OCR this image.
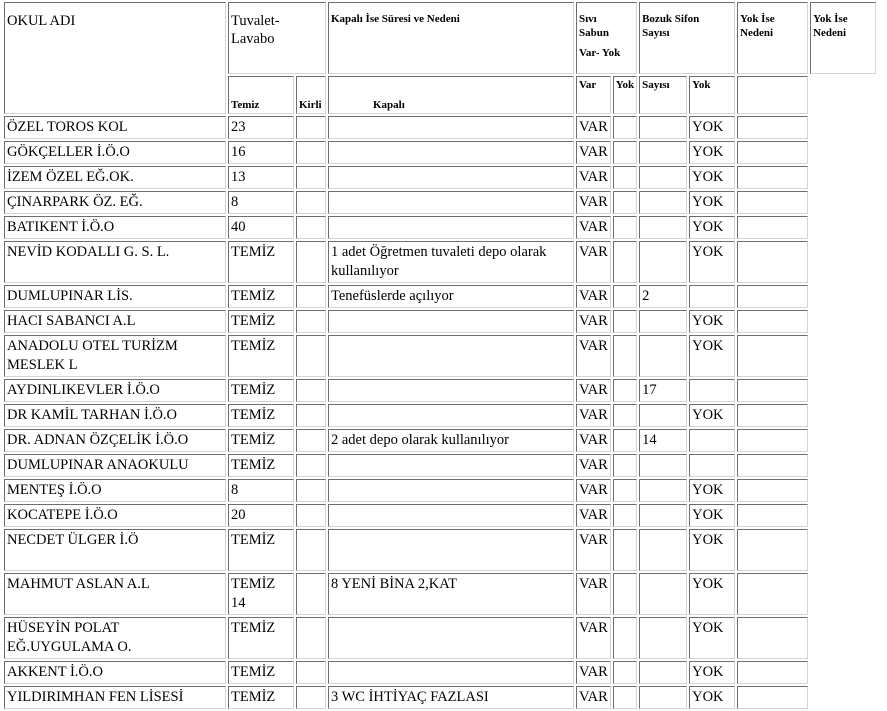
OKUL ADI	Tuvalet-Lavabo		Kapalı İse Süresi ve Nedeni	Sıvı Sabun
Var- Yok		Bozuk Sifon Sayısı		Yok İse Nedeni	Yok İse Nedeni

	Temiz	Kirli	Kapalı	Var	Yok	Sayısı	Yok		
ÖZEL TOROS KOL	23			VAR			YOK		
GÖKÇELLER İ.Ö.O	16			VAR			YOK		
İZEM ÖZEL EĞ.OK.	13			VAR			YOK		
ÇINARPARK ÖZ. EĞ.	8			VAR			YOK		
BATIKENT İ.Ö.O	40			VAR			YOK		
NEVİD KODALLI G. S. L.	TEMİZ		1 adet Öğretmen tuvaleti depo olarak kullanılıyor	VAR			YOK		
DUMLUPINAR LİS.	TEMİZ		Tenefüslerde açılıyor	VAR		2			
HACI SABANCI A.L	TEMİZ			VAR			YOK		
ANADOLU OTEL TURİZM MESLEK L	TEMİZ			VAR			YOK		
AYDINLIKEVLER İ.Ö.O	TEMİZ			VAR		17			
DR KAMİL TARHAN İ.Ö.O	TEMİZ			VAR			YOK		
DR. ADNAN ÖZÇELİK İ.Ö.O	TEMİZ		2 adet depo olarak kullanılıyor	VAR		14			
DUMLUPINAR ANAOKULU	TEMİZ			VAR					
MENTEŞ İ.Ö.O	8			VAR			YOK		
KOCATEPE İ.Ö.O	20			VAR			YOK		
NECDET ÜLGER İ.Ö	TEMİZ			VAR			YOK		
MAHMUT ASLAN A.L	TEMİZ 14		8 YENİ BİNA 2,KAT	VAR			YOK		
HÜSEYİN POLAT EĞ.UYGULAMA O.	TEMİZ			VAR			YOK		
AKKENT İ.Ö.O	TEMİZ			VAR			YOK		
YILDIRIMHAN FEN LİSESİ	TEMİZ		3 WC İHTİYAÇ FAZLASI	VAR			YOK		
